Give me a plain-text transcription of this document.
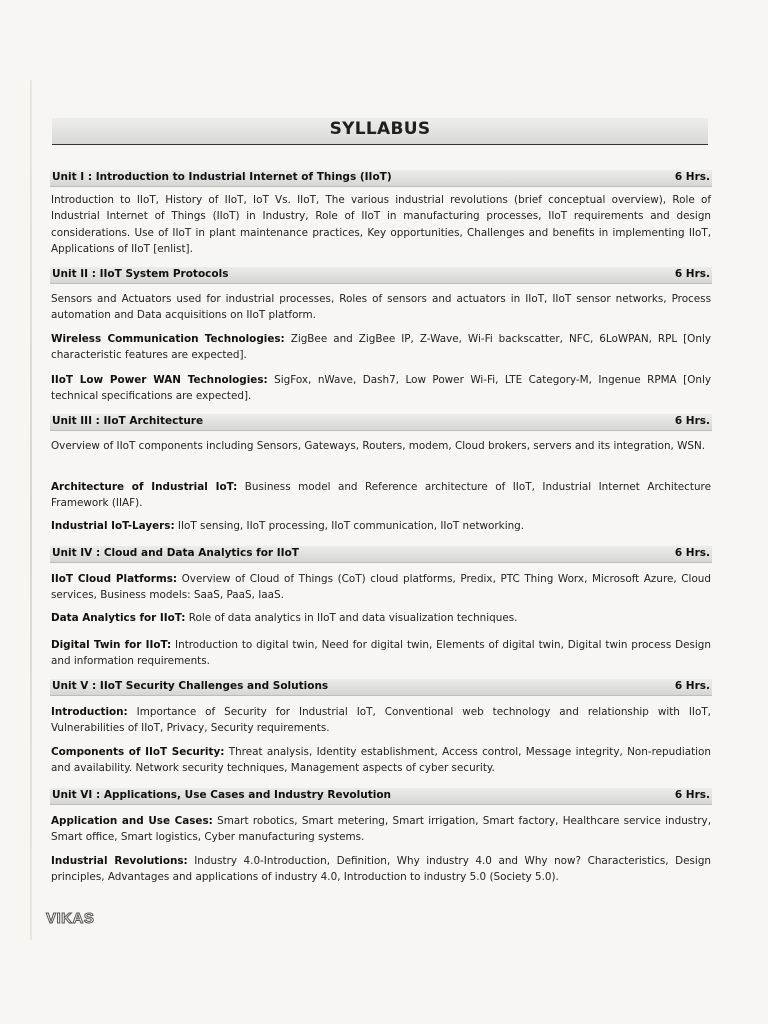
SYLLABUS
Unit I : Introduction to Industrial Internet of Things (IIoT)	6 Hrs.
Introduction to IIoT, History of IIoT, IoT Vs. IIoT, The various industrial revolutions (brief conceptual overview), Role of Industrial Internet of Things (IIoT) in Industry, Role of IIoT in manufacturing processes, IIoT requirements and design considerations. Use of IIoT in plant maintenance practices, Key opportunities, Challenges and benefits in implementing IIoT, Applications of IIoT [enlist].
Unit II : IIoT System Protocols	6 Hrs.
Sensors and Actuators used for industrial processes, Roles of sensors and actuators in IIoT, IIoT sensor networks, Process automation and Data acquisitions on IIoT platform.
Wireless Communication Technologies: ZigBee and ZigBee IP, Z-Wave, Wi-Fi backscatter, NFC, 6LoWPAN, RPL [Only characteristic features are expected].
IIoT Low Power WAN Technologies: SigFox, nWave, Dash7, Low Power Wi-Fi, LTE Category-M, Ingenue RPMA [Only technical specifications are expected].
Unit III : IIoT Architecture	6 Hrs.
Overview of IIoT components including Sensors, Gateways, Routers, modem, Cloud brokers, servers and its integration, WSN.
Architecture of Industrial IoT: Business model and Reference architecture of IIoT, Industrial Internet Architecture Framework (IIAF).
Industrial IoT-Layers: IIoT sensing, IIoT processing, IIoT communication, IIoT networking.
Unit IV : Cloud and Data Analytics for IIoT	6 Hrs.
IIoT Cloud Platforms: Overview of Cloud of Things (CoT) cloud platforms, Predix, PTC Thing Worx, Microsoft Azure, Cloud services, Business models: SaaS, PaaS, IaaS.
Data Analytics for IIoT: Role of data analytics in IIoT and data visualization techniques.
Digital Twin for IIoT: Introduction to digital twin, Need for digital twin, Elements of digital twin, Digital twin process Design and information requirements.
Unit V : IIoT Security Challenges and Solutions	6 Hrs.
Introduction: Importance of Security for Industrial IoT, Conventional web technology and relationship with IIoT, Vulnerabilities of IIoT, Privacy, Security requirements.
Components of IIoT Security: Threat analysis, Identity establishment, Access control, Message integrity, Non-repudiation and availability. Network security techniques, Management aspects of cyber security.
Unit VI : Applications, Use Cases and Industry Revolution	6 Hrs.
Application and Use Cases: Smart robotics, Smart metering, Smart irrigation, Smart factory, Healthcare service industry, Smart office, Smart logistics, Cyber manufacturing systems.
Industrial Revolutions: Industry 4.0-Introduction, Definition, Why industry 4.0 and Why now? Characteristics, Design principles, Advantages and applications of industry 4.0, Introduction to industry 5.0 (Society 5.0).
VIKAS
